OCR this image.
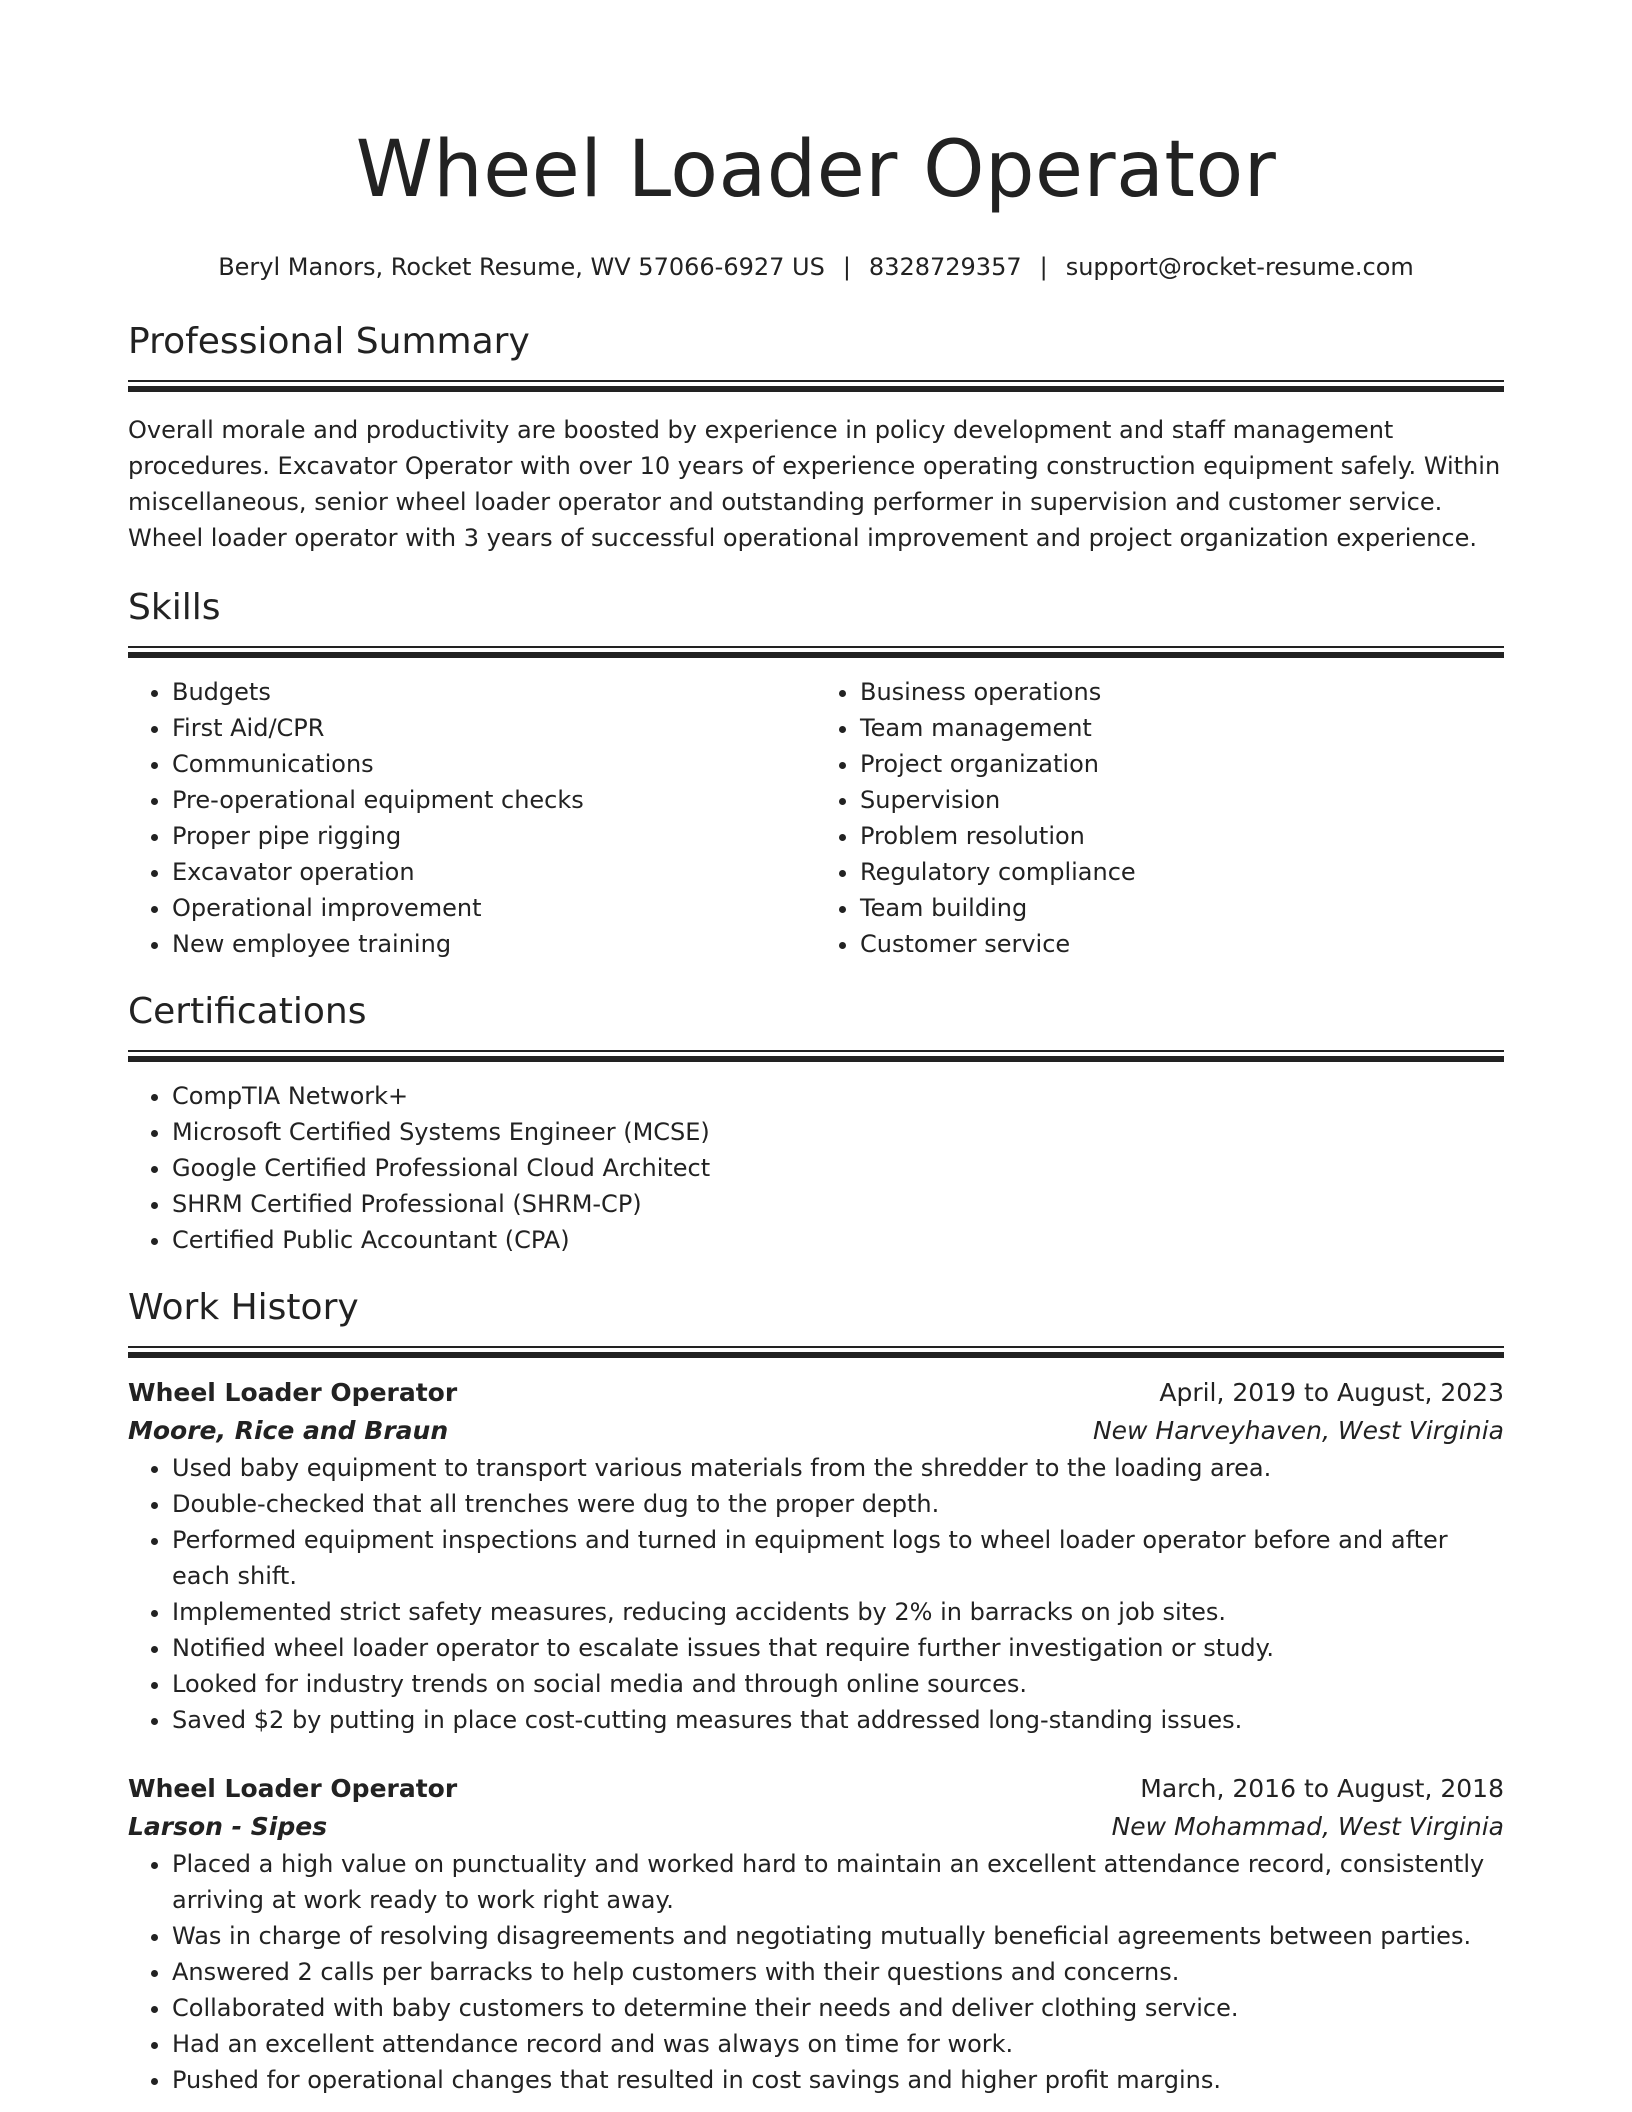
Wheel Loader Operator
Beryl Manors, Rocket Resume, WV 57066-6927 US | 8328729357 | support@rocket-resume.com
Professional Summary

Overall morale and productivity are boosted by experience in policy development and staff management procedures. Excavator Operator with over 10 years of experience operating construction equipment safely. Within miscellaneous, senior wheel loader operator and outstanding performer in supervision and customer service. Wheel loader operator with 3 years of successful operational improvement and project organization experience.

Skills
• Budgets
• First Aid/CPR
• Communications
• Pre-operational equipment checks
• Proper pipe rigging
• Excavator operation
• Operational improvement
• New employee training
• Business operations
• Team management
• Project organization
• Supervision
• Problem resolution
• Regulatory compliance
• Team building
• Customer service
Certifications
• CompTIA Network+
• Microsoft Certified Systems Engineer (MCSE)
• Google Certified Professional Cloud Architect
• SHRM Certified Professional (SHRM-CP)
• Certified Public Accountant (CPA)
Work History
Wheel Loader Operator	April, 2019 to August, 2023
Moore, Rice and Braun	New Harveyhaven, West Virginia
• Used baby equipment to transport various materials from the shredder to the loading area.
• Double-checked that all trenches were dug to the proper depth.
• Performed equipment inspections and turned in equipment logs to wheel loader operator before and after each shift.
• Implemented strict safety measures, reducing accidents by 2% in barracks on job sites.
• Notified wheel loader operator to escalate issues that require further investigation or study.
• Looked for industry trends on social media and through online sources.
• Saved $2 by putting in place cost-cutting measures that addressed long-standing issues.
Wheel Loader Operator	March, 2016 to August, 2018
Larson - Sipes	New Mohammad, West Virginia
• Placed a high value on punctuality and worked hard to maintain an excellent attendance record, consistently arriving at work ready to work right away.
• Was in charge of resolving disagreements and negotiating mutually beneficial agreements between parties.
• Answered 2 calls per barracks to help customers with their questions and concerns.
• Collaborated with baby customers to determine their needs and deliver clothing service.
• Had an excellent attendance record and was always on time for work.
• Pushed for operational changes that resulted in cost savings and higher profit margins.
